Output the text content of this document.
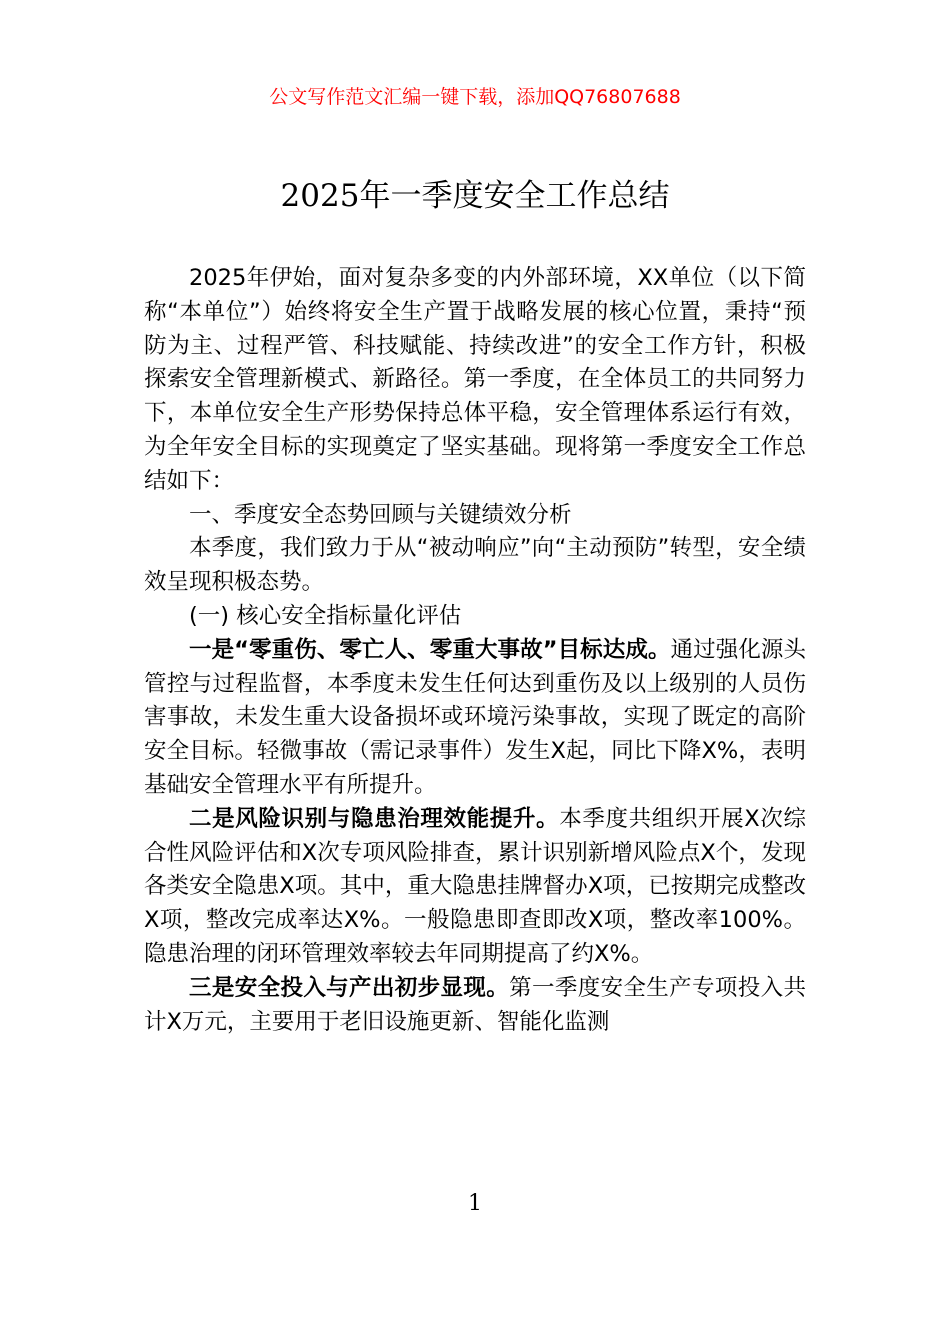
公文写作范文汇编一键下载，添加QQ76807688
2025年一季度安全工作总结

2025年伊始，面对复杂多变的内外部环境，XX单位（以下简称“本单位”）始终将安全生产置于战略发展的核心位置，秉持“预防为主、过程严管、科技赋能、持续改进”的安全工作方针，积极探索安全管理新模式、新路径。第一季度，在全体员工的共同努力下，本单位安全生产形势保持总体平稳，安全管理体系运行有效，为全年安全目标的实现奠定了坚实基础。现将第一季度安全工作总结如下：

一、季度安全态势回顾与关键绩效分析

本季度，我们致力于从“被动响应”向“主动预防”转型，安全绩效呈现积极态势。

(一) 核心安全指标量化评估

一是“零重伤、零亡人、零重大事故”目标达成。通过强化源头管控与过程监督，本季度未发生任何达到重伤及以上级别的人员伤害事故，未发生重大设备损坏或环境污染事故，实现了既定的高阶安全目标。轻微事故（需记录事件）发生X起，同比下降X%，表明基础安全管理水平有所提升。

二是风险识别与隐患治理效能提升。本季度共组织开展X次综合性风险评估和X次专项风险排查，累计识别新增风险点X个，发现各类安全隐患X项。其中，重大隐患挂牌督办X项，已按期完成整改X项，整改完成率达X%。一般隐患即查即改X项，整改率100%。隐患治理的闭环管理效率较去年同期提高了约X%。

三是安全投入与产出初步显现。第一季度安全生产专项投入共计X万元，主要用于老旧设施更新、智能化监测

1
